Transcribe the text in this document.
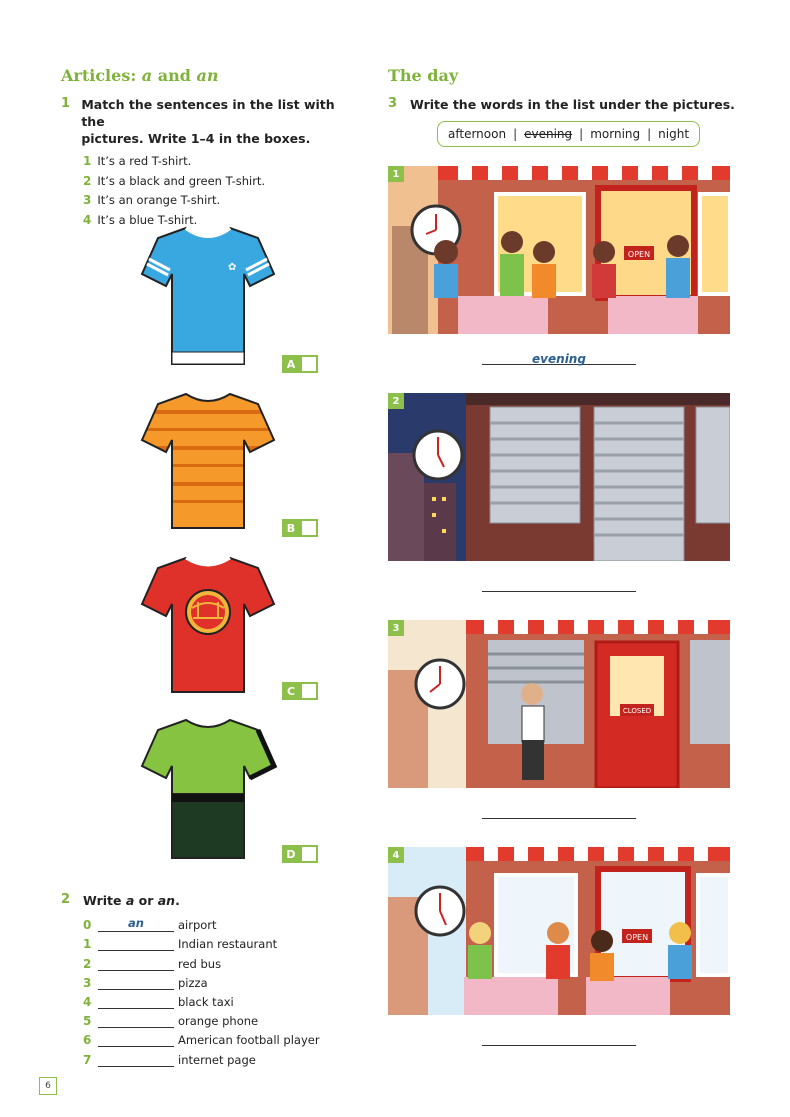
Articles: a and an
1 Match the sentences in the list with the
pictures. Write 1–4 in the boxes.
1 It’s a red T-shirt.
2 It’s a black and green T-shirt.
3 It’s an orange T-shirt.
4 It’s a blue T-shirt.
✿
A
B
C
D
2	Write a or an.
0	an	airport
1	Indian restaurant
2	red bus
3	pizza
4	black taxi
5	orange phone
6	American football player
7	internet page
6
The day
3	Write the words in the list under the pictures.
afternoon | evening | morning | night
1
OPEN
evening
2
3
CLOSED
4
OPEN
